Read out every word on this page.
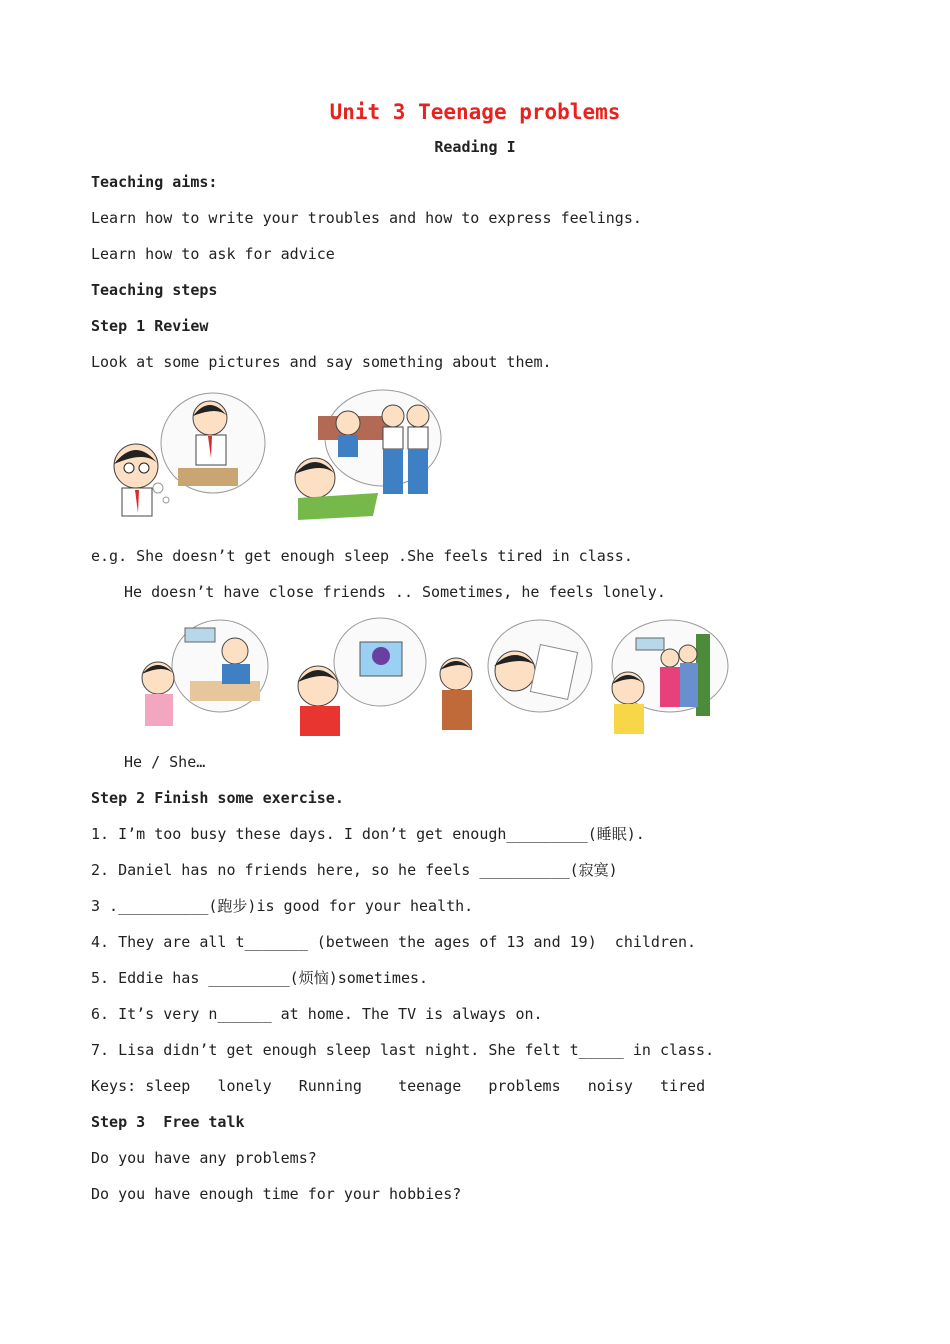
Unit 3 Teenage problems
Reading I
Teaching aims:
Learn how to write your troubles and how to express feelings.
Learn how to ask for advice
Teaching steps
Step 1 Review
Look at some pictures and say something about them.
e.g. She doesn’t get enough sleep .She feels tired in class.
He doesn’t have close friends .. Sometimes, he feels lonely.
He / She…
Step 2 Finish some exercise.
1. I’m too busy these days. I don’t get enough_________(睡眠).
2. Daniel has no friends here, so he feels __________(寂寞)
3 .__________(跑步)is good for your health.
4. They are all t_______ (between the ages of 13 and 19)  children.
5. Eddie has _________(烦恼)sometimes.
6. It’s very n______ at home. The TV is always on.
7. Lisa didn’t get enough sleep last night. She felt t_____ in class.
Keys: sleep lonely Running teenage problems noisy tired
Step 3  Free talk
Do you have any problems?
Do you have enough time for your hobbies?
